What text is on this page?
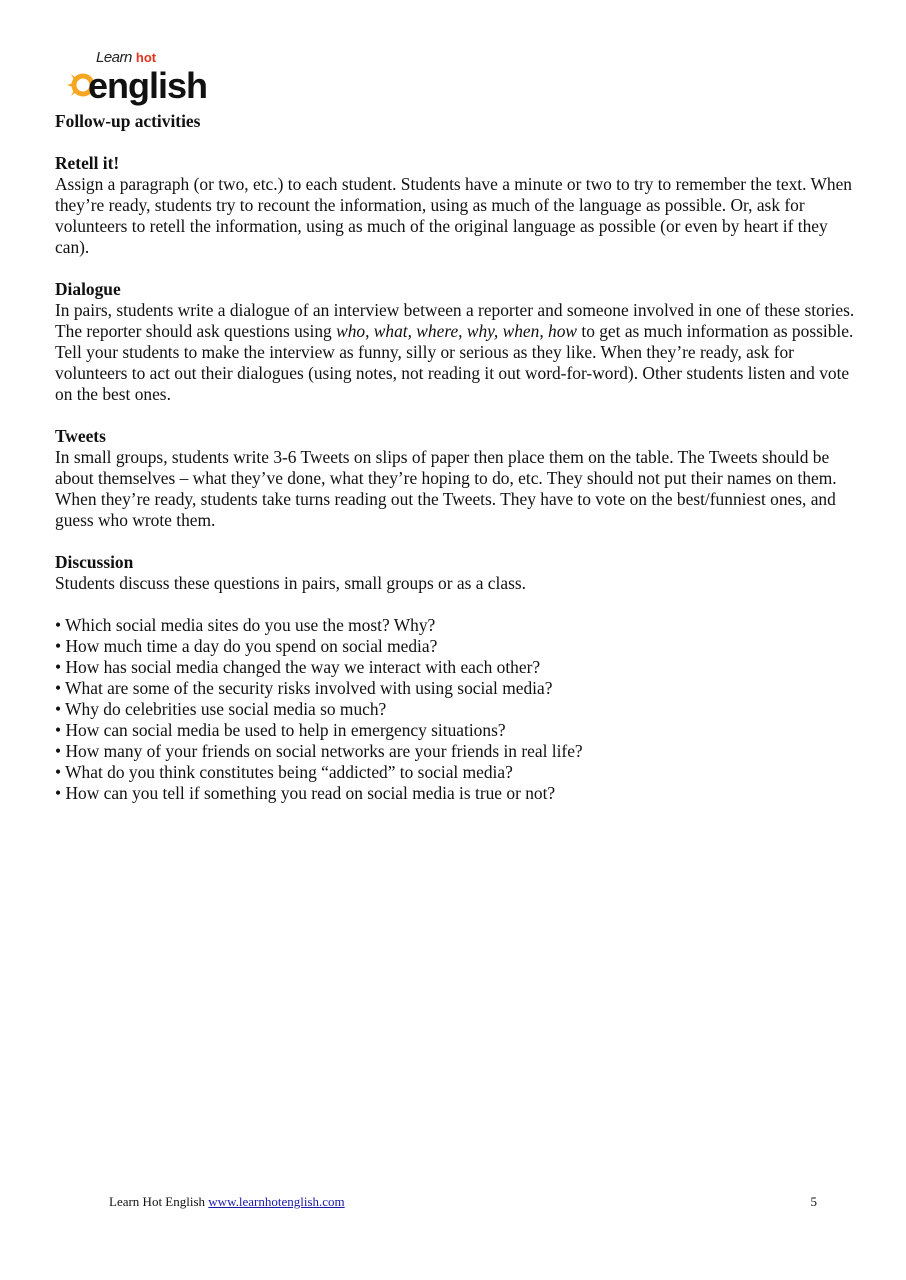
Learn hot
english
Follow-up activities
Retell it!

Assign a paragraph (or two, etc.) to each student. Students have a minute or two to try to remember the text. When they’re ready, students try to recount the information, using as much of the language as possible. Or, ask for volunteers to retell the information, using as much of the original language as possible (or even by heart if they can).

Dialogue

In pairs, students write a dialogue of an interview between a reporter and someone involved in one of these stories. The reporter should ask questions using who, what, where, why, when, how to get as much information as possible. Tell your students to make the interview as funny, silly or serious as they like. When they’re ready, ask for volunteers to act out their dialogues (using notes, not reading it out word-for-word). Other students listen and vote on the best ones.

Tweets

In small groups, students write 3-6 Tweets on slips of paper then place them on the table. The Tweets should be about themselves – what they’ve done, what they’re hoping to do, etc. They should not put their names on them. When they’re ready, students take turns reading out the Tweets. They have to vote on the best/funniest ones, and guess who wrote them.

Discussion

Students discuss these questions in pairs, small groups or as a class.

• Which social media sites do you use the most? Why?
• How much time a day do you spend on social media?
• How has social media changed the way we interact with each other?
• What are some of the security risks involved with using social media?
• Why do celebrities use social media so much?
• How can social media be used to help in emergency situations?
• How many of your friends on social networks are your friends in real life?
• What do you think constitutes being “addicted” to social media?
• How can you tell if something you read on social media is true or not?
Learn Hot English www.learnhotenglish.com	5
